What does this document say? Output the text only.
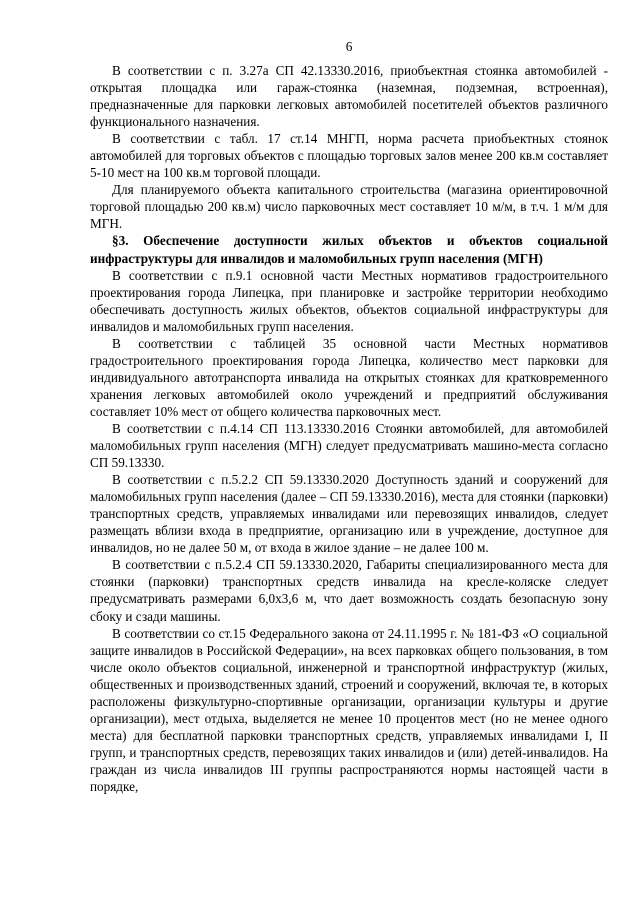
6

В соответствии с п. 3.27а СП 42.13330.2016, приобъектная стоянка автомобилей - открытая площадка или гараж-стоянка (наземная, подземная, встроенная), предназначенные для парковки легковых автомобилей посетителей объектов различного функционального назначения.

В соответствии с табл. 17 ст.14 МНГП, норма расчета приобъектных стоянок автомобилей для торговых объектов с площадью торговых залов менее 200 кв.м составляет 5-10 мест на 100 кв.м торговой площади.

Для планируемого объекта капитального строительства (магазина ориентировочной торговой площадью 200 кв.м) число парковочных мест составляет 10 м/м, в т.ч. 1 м/м для МГН.

§3. Обеспечение доступности жилых объектов и объектов социальной инфраструктуры для инвалидов и маломобильных групп населения (МГН)

В соответствии с п.9.1 основной части Местных нормативов градостроительного проектирования города Липецка, при планировке и застройке территории необходимо обеспечивать доступность жилых объектов, объектов социальной инфраструктуры для инвалидов и маломобильных групп населения.

В соответствии с таблицей 35 основной части Местных нормативов градостроительного проектирования города Липецка, количество мест парковки для индивидуального автотранспорта инвалида на открытых стоянках для кратковременного хранения легковых автомобилей около учреждений и предприятий обслуживания составляет 10% мест от общего количества парковочных мест.

В соответствии с п.4.14 СП 113.13330.2016 Стоянки автомобилей, для автомобилей маломобильных групп населения (МГН) следует предусматривать машино-места согласно СП 59.13330.

В соответствии с п.5.2.2 СП 59.13330.2020 Доступность зданий и сооружений для маломобильных групп населения (далее – СП 59.13330.2016), места для стоянки (парковки) транспортных средств, управляемых инвалидами или перевозящих инвалидов, следует размещать вблизи входа в предприятие, организацию или в учреждение, доступное для инвалидов, но не далее 50 м, от входа в жилое здание – не далее 100 м.

В соответствии с п.5.2.4 СП 59.13330.2020, Габариты специализированного места для стоянки (парковки) транспортных средств инвалида на кресле-коляске следует предусматривать размерами 6,0х3,6 м, что дает возможность создать безопасную зону сбоку и сзади машины.

В соответствии со ст.15 Федерального закона от 24.11.1995 г. № 181-ФЗ «О социальной защите инвалидов в Российской Федерации», на всех парковках общего пользования, в том числе около объектов социальной, инженерной и транспортной инфраструктур (жилых, общественных и производственных зданий, строений и сооружений, включая те, в которых расположены физкультурно-спортивные организации, организации культуры и другие организации), мест отдыха, выделяется не менее 10 процентов мест (но не менее одного места) для бесплатной парковки транспортных средств, управляемых инвалидами I, II групп, и транспортных средств, перевозящих таких инвалидов и (или) детей-инвалидов. На граждан из числа инвалидов III группы распространяются нормы настоящей части в порядке,
